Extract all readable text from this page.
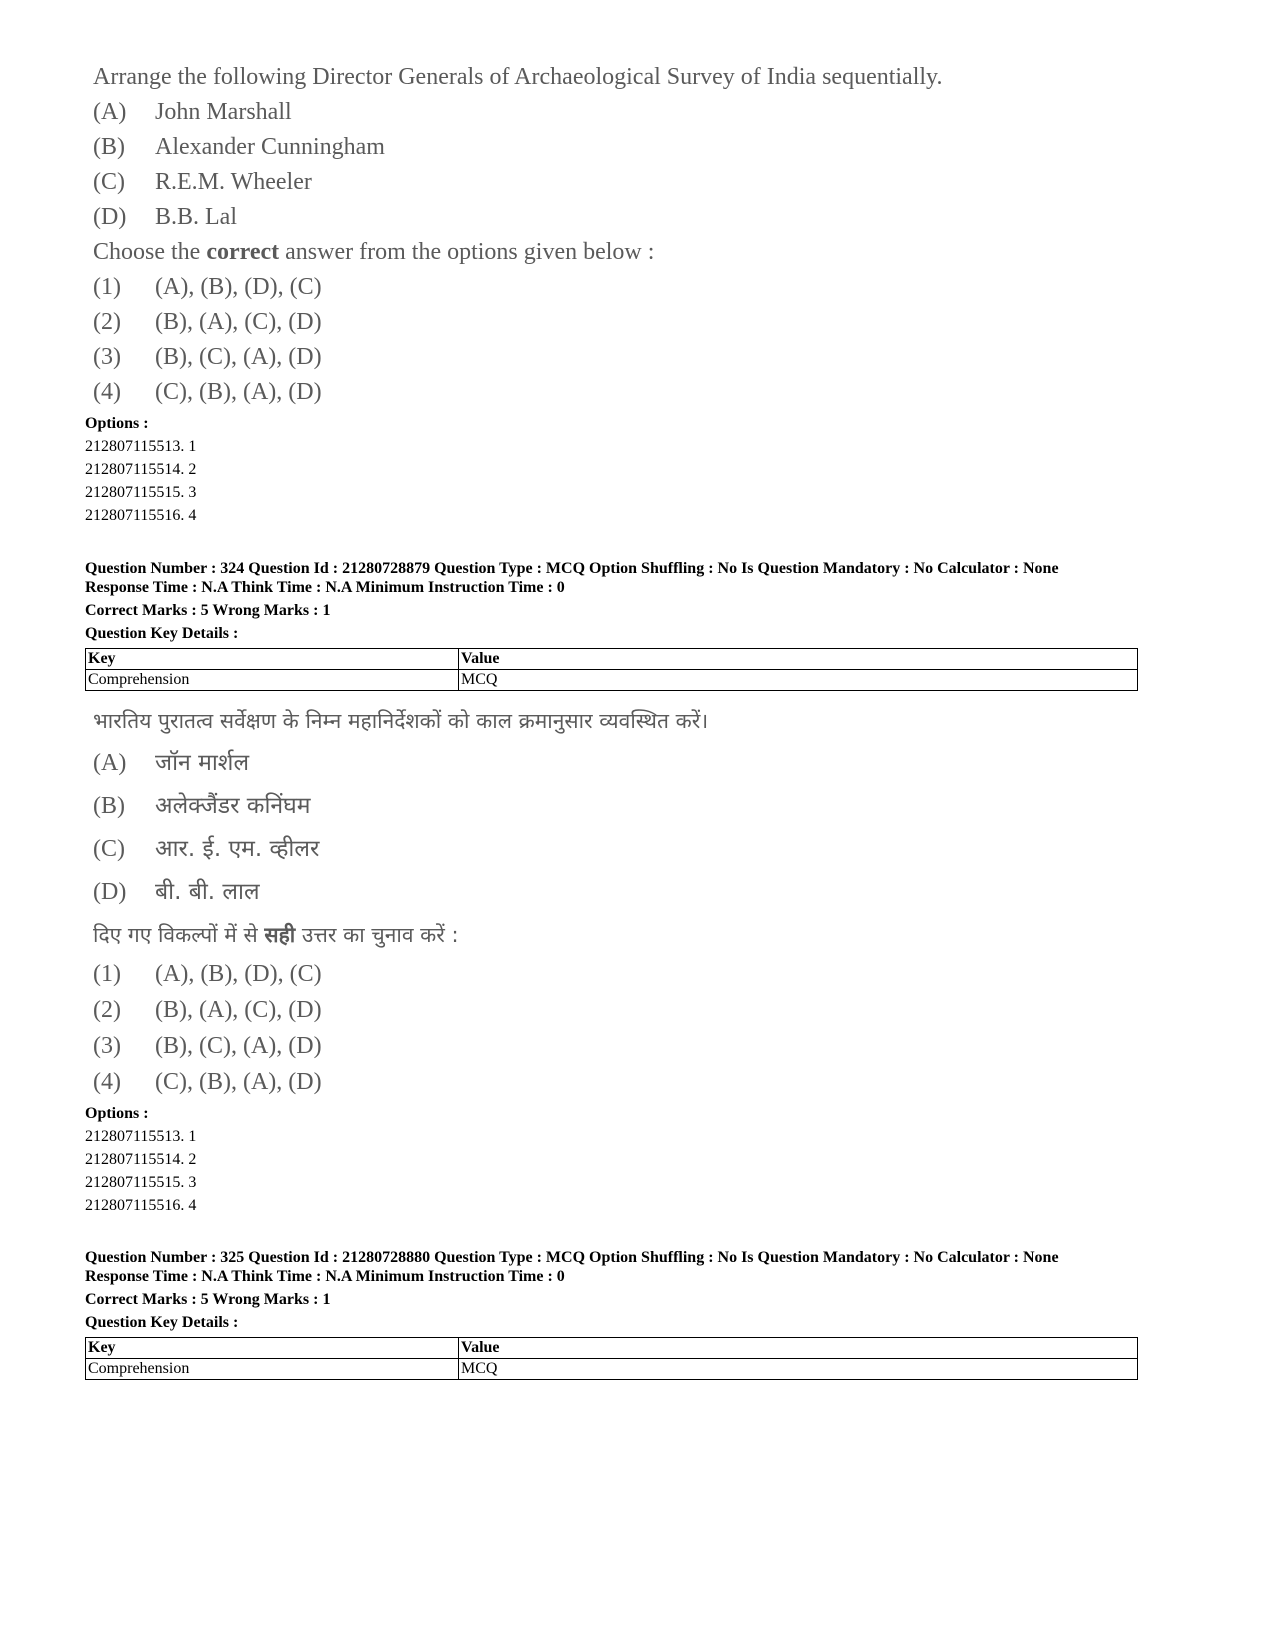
Arrange the following Director Generals of Archaeological Survey of India sequentially.
(A)	John Marshall
(B)	Alexander Cunningham
(C)	R.E.M. Wheeler
(D)	B.B. Lal
Choose the correct answer from the options given below :
(1)	(A), (B), (D), (C)
(2)	(B), (A), (C), (D)
(3)	(B), (C), (A), (D)
(4)	(C), (B), (A), (D)
Options :
212807115513. 1
212807115514. 2
212807115515. 3
212807115516. 4
Question Number : 324 Question Id : 21280728879 Question Type : MCQ Option Shuffling : No Is Question Mandatory : No Calculator : None
Response Time : N.A Think Time : N.A Minimum Instruction Time : 0
Correct Marks : 5 Wrong Marks : 1
Question Key Details :
Key	Value
Comprehension	MCQ
भारतिय पुरातत्व सर्वेक्षण के निम्न महानिर्देशकों को काल क्रमानुसार व्यवस्थित करें।
(A)	जॉन मार्शल
(B)	अलेक्जैंडर कनिंघम
(C)	आर. ई. एम. व्हीलर
(D)	बी. बी. लाल
दिए गए विकल्पों में से सही उत्तर का चुनाव करें :
(1)	(A), (B), (D), (C)
(2)	(B), (A), (C), (D)
(3)	(B), (C), (A), (D)
(4)	(C), (B), (A), (D)
Options :
212807115513. 1
212807115514. 2
212807115515. 3
212807115516. 4
Question Number : 325 Question Id : 21280728880 Question Type : MCQ Option Shuffling : No Is Question Mandatory : No Calculator : None
Response Time : N.A Think Time : N.A Minimum Instruction Time : 0
Correct Marks : 5 Wrong Marks : 1
Question Key Details :
Key	Value
Comprehension	MCQ
